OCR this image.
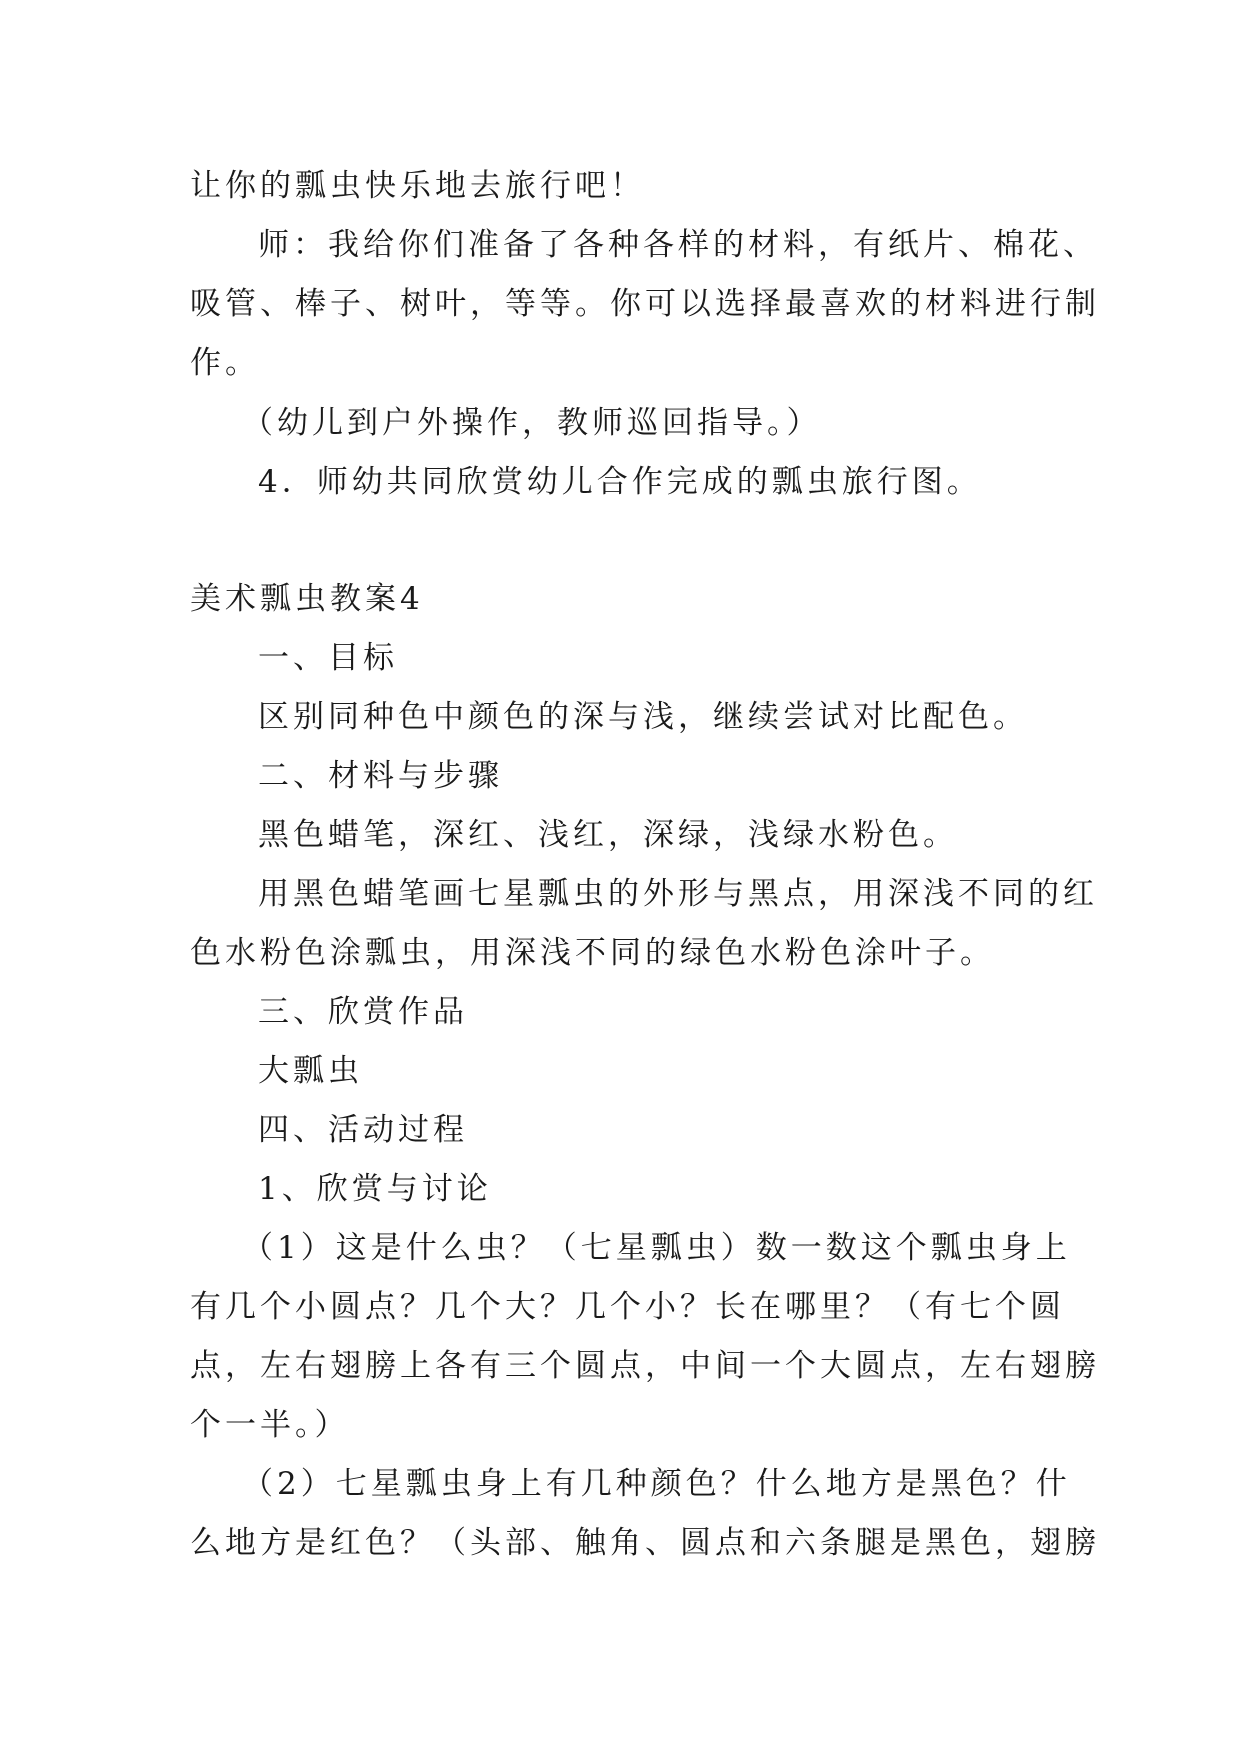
让你的瓢虫快乐地去旅行吧！
师：我给你们准备了各种各样的材料，有纸片、棉花、
吸管、棒子、树叶，等等。你可以选择最喜欢的材料进行制
作。
（幼儿到户外操作，教师巡回指导。）
4．师幼共同欣赏幼儿合作完成的瓢虫旅行图。
美术瓢虫教案4
一、目标
区别同种色中颜色的深与浅，继续尝试对比配色。
二、材料与步骤
黑色蜡笔，深红、浅红，深绿，浅绿水粉色。
用黑色蜡笔画七星瓢虫的外形与黑点，用深浅不同的红
色水粉色涂瓢虫，用深浅不同的绿色水粉色涂叶子。
三、欣赏作品
大瓢虫
四、活动过程
1、欣赏与讨论
（1）这是什么虫？（七星瓢虫）数一数这个瓢虫身上
有几个小圆点？几个大？几个小？长在哪里？（有七个圆
点，左右翅膀上各有三个圆点，中间一个大圆点，左右翅膀
个一半。）
（2）七星瓢虫身上有几种颜色？什么地方是黑色？什
么地方是红色？（头部、触角、圆点和六条腿是黑色，翅膀
